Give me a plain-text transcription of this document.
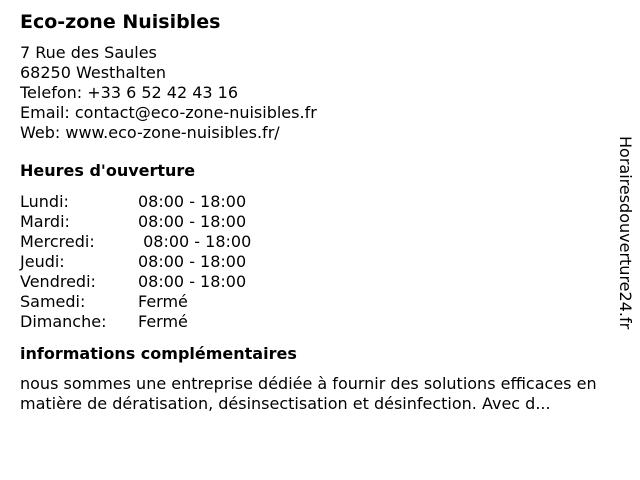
Eco-zone Nuisibles
7 Rue des Saules
68250 Westhalten
Telefon: +33 6 52 42 43 16
Email: contact@eco-zone-nuisibles.fr
Web: www.eco-zone-nuisibles.fr/
Heures d'ouverture
Lundi:	08:00 - 18:00
Mardi:	08:00 - 18:00
Mercredi:	08:00 - 18:00
Jeudi:	08:00 - 18:00
Vendredi:	08:00 - 18:00
Samedi:	Fermé
Dimanche:	Fermé
informations complémentaires
nous sommes une entreprise dédiée à fournir des solutions efficaces en matière de dératisation, désinsectisation et désinfection. Avec d...
Horairesdouverture24.fr
